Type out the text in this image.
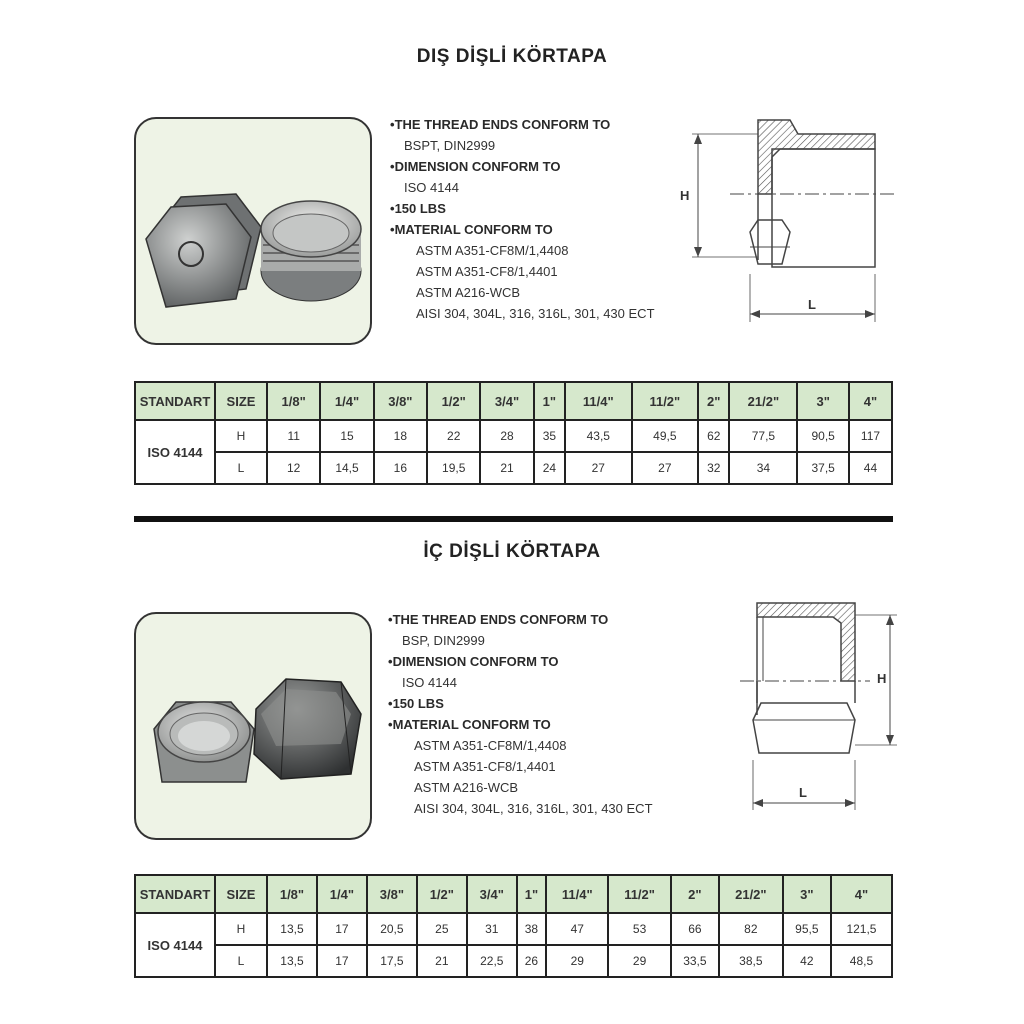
DIŞ DİŞLİ KÖRTAPA
• THE THREAD ENDS CONFORM TO
BSPT, DIN2999
• DIMENSION CONFORM TO
ISO 4144
• 150 LBS
• MATERIAL CONFORM TO
ASTM A351-CF8M/1,4408
ASTM A351-CF8/1,4401
ASTM A216-WCB
AISI 304, 304L, 316, 316L, 301, 430 ECT
H
L
STANDART	SIZE	1/8"	1/4"	3/8"	1/2"	3/4"	1"	11/4"	11/2"	2"	21/2"	3"	4"
ISO 4144	H	11	15	18	22	28	35	43,5	49,5	62	77,5	90,5	117
	L	12	14,5	16	19,5	21	24	27	27	32	34	37,5	44
İÇ DİŞLİ KÖRTAPA
• THE THREAD ENDS CONFORM TO
BSP, DIN2999
• DIMENSION CONFORM TO
ISO 4144
• 150 LBS
• MATERIAL CONFORM TO
ASTM A351-CF8M/1,4408
ASTM A351-CF8/1,4401
ASTM A216-WCB
AISI 304, 304L, 316, 316L, 301, 430 ECT
H
L
STANDART	SIZE	1/8"	1/4"	3/8"	1/2"	3/4"	1"	11/4"	11/2"	2"	21/2"	3"	4"
ISO 4144	H	13,5	17	20,5	25	31	38	47	53	66	82	95,5	121,5
	L	13,5	17	17,5	21	22,5	26	29	29	33,5	38,5	42	48,5
